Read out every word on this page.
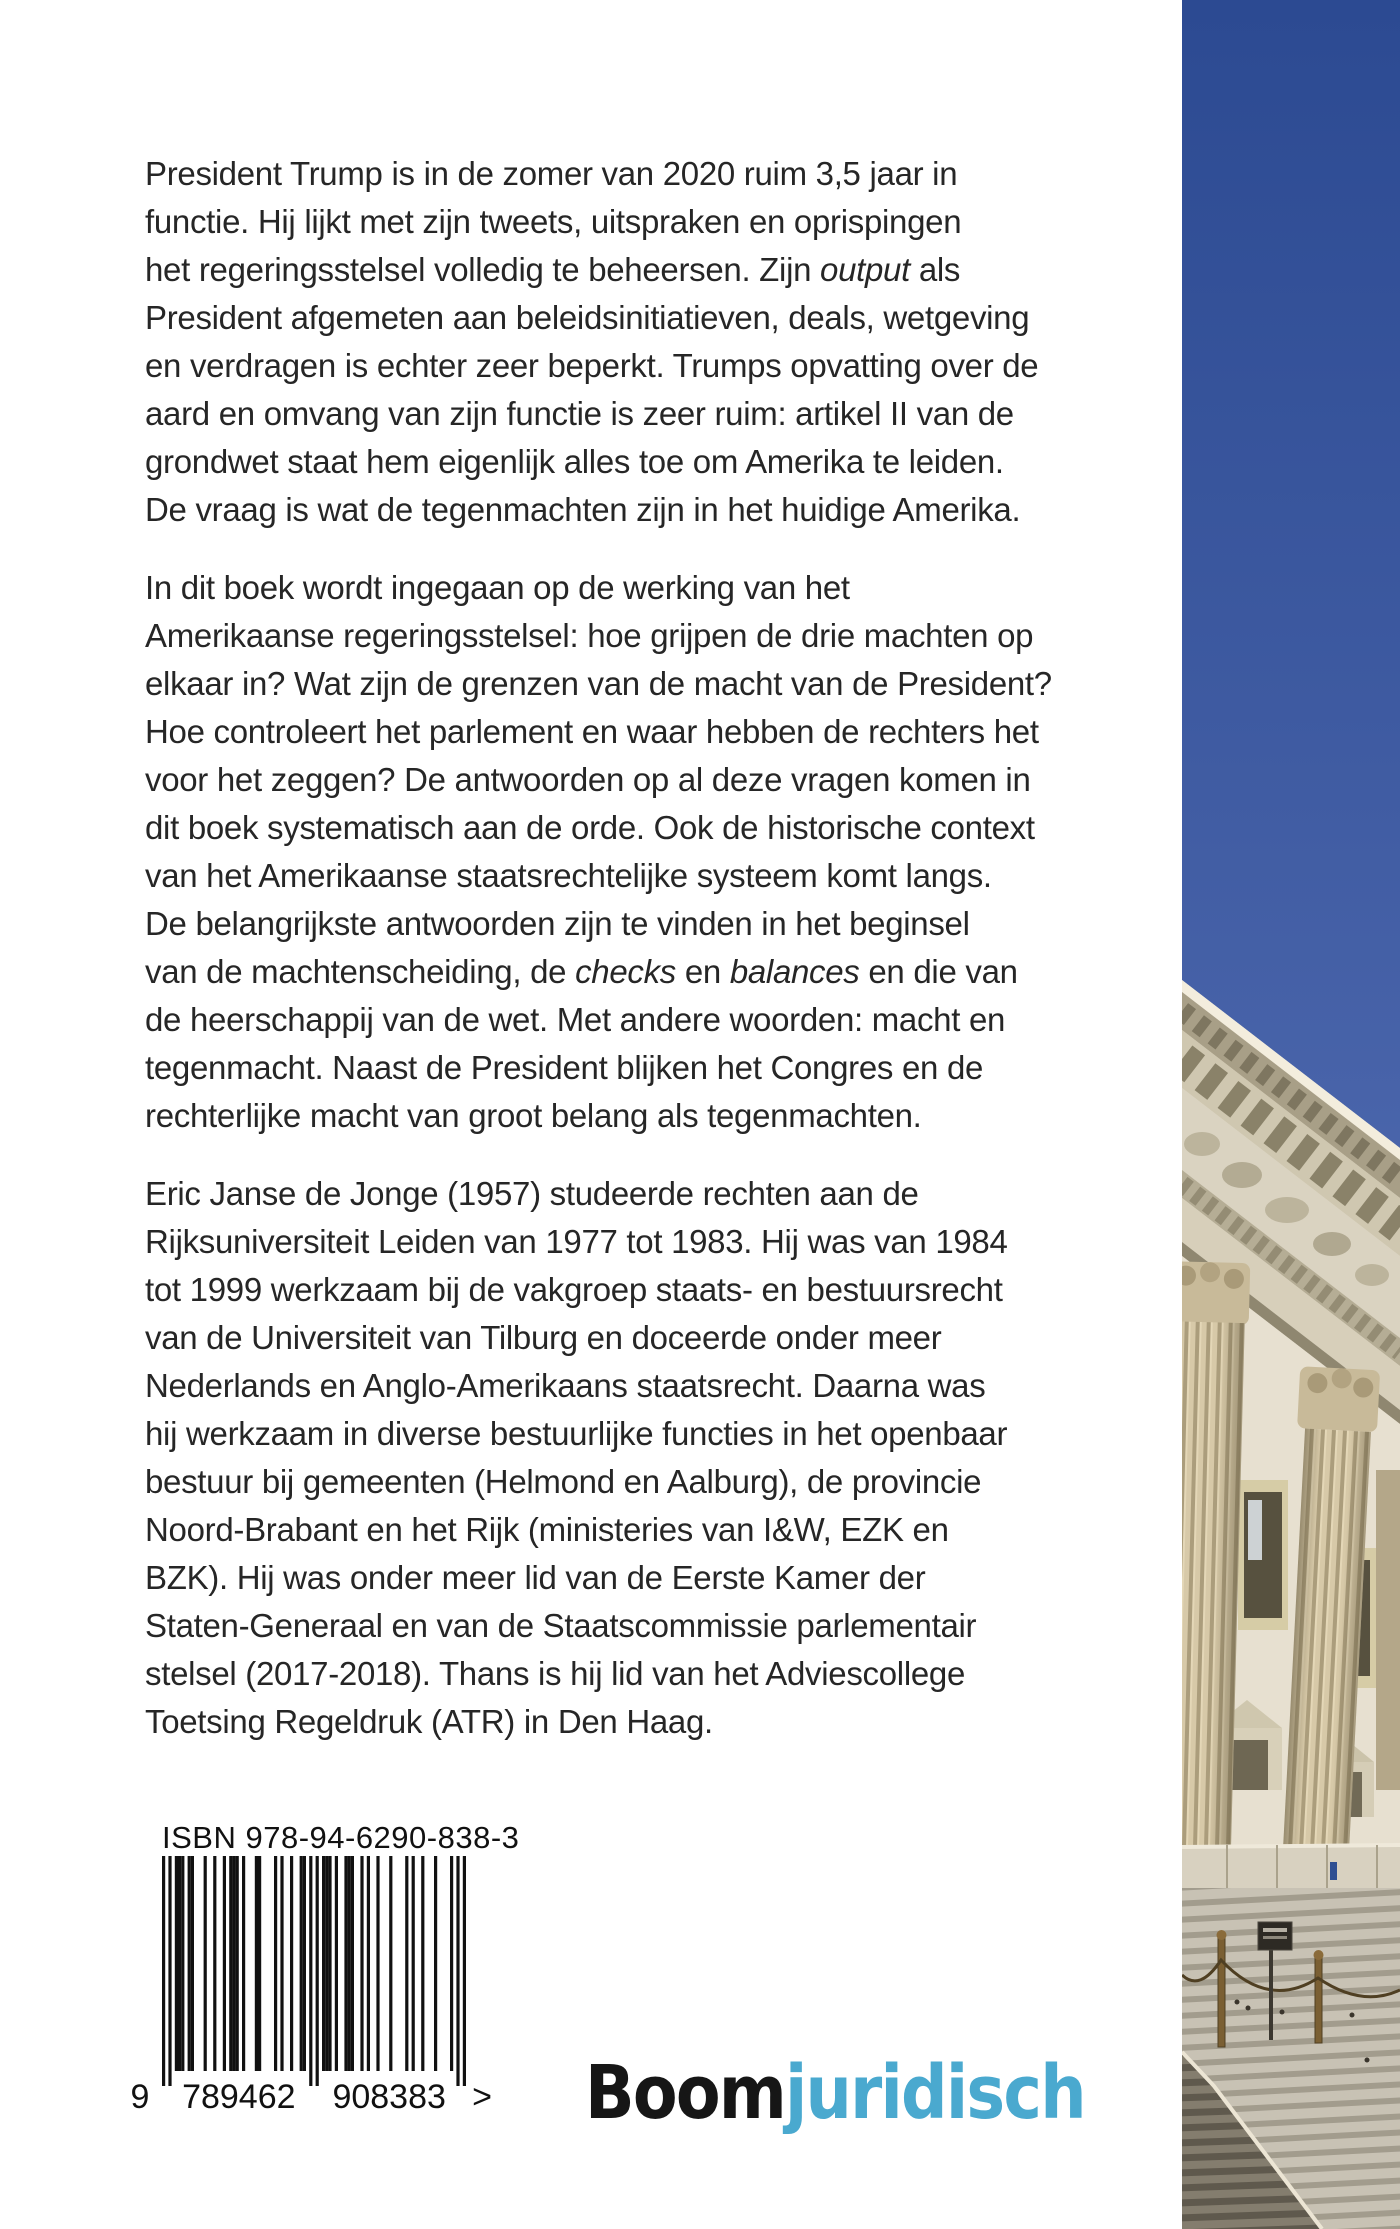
President Trump is in de zomer van 2020 ruim 3,5 jaar in
functie. Hij lijkt met zijn tweets, uitspraken en oprispingen
het regeringsstelsel volledig te beheersen. Zijn output als
President afgemeten aan beleidsinitiatieven, deals, wetgeving
en verdragen is echter zeer beperkt. Trumps opvatting over de
aard en omvang van zijn functie is zeer ruim: artikel II van de
grondwet staat hem eigenlijk alles toe om Amerika te leiden.
De vraag is wat de tegenmachten zijn in het huidige Amerika.
In dit boek wordt ingegaan op de werking van het
Amerikaanse regeringsstelsel: hoe grijpen de drie machten op
elkaar in? Wat zijn de grenzen van de macht van de President?
Hoe controleert het parlement en waar hebben de rechters het
voor het zeggen? De antwoorden op al deze vragen komen in
dit boek systematisch aan de orde. Ook de historische context
van het Amerikaanse staatsrechtelijke systeem komt langs.
De belangrijkste antwoorden zijn te vinden in het beginsel
van de machtenscheiding, de checks en balances en die van
de heerschappij van de wet. Met andere woorden: macht en
tegenmacht. Naast de President blijken het Congres en de
rechterlijke macht van groot belang als tegenmachten.
Eric Janse de Jonge (1957) studeerde rechten aan de
Rijksuniversiteit Leiden van 1977 tot 1983. Hij was van 1984
tot 1999 werkzaam bij de vakgroep staats- en bestuursrecht
van de Universiteit van Tilburg en doceerde onder meer
Nederlands en Anglo-Amerikaans staatsrecht. Daarna was
hij werkzaam in diverse bestuurlijke functies in het openbaar
bestuur bij gemeenten (Helmond en Aalburg), de provincie
Noord-Brabant en het Rijk (ministeries van I&W, EZK en
BZK). Hij was onder meer lid van de Eerste Kamer der
Staten-Generaal en van de Staatscommissie parlementair
stelsel (2017-2018). Thans is hij lid van het Adviescollege
Toetsing Regeldruk (ATR) in Den Haag.
ISBN 978-94-6290-838-3
9 789462 908383 > Boomjuridisch
